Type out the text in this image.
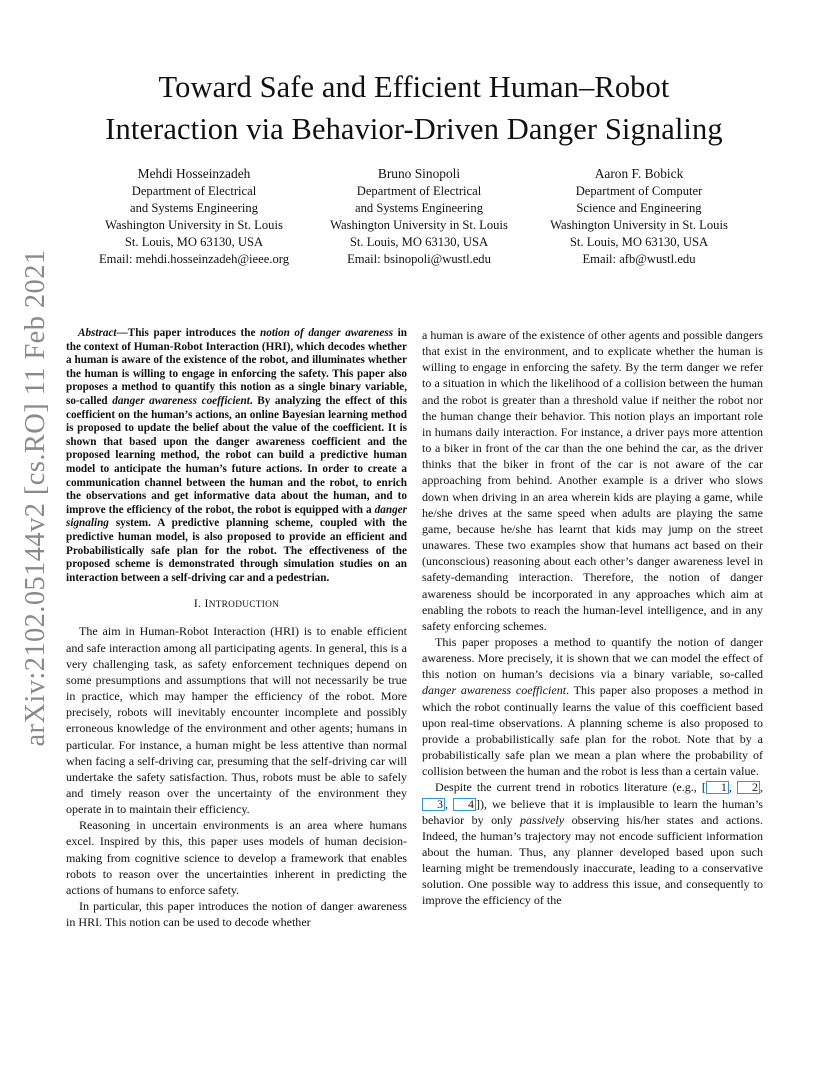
arXiv:2102.05144v2 [cs.RO] 11 Feb 2021
Toward Safe and Efficient Human–Robot
Interaction via Behavior-Driven Danger Signaling
Mehdi Hosseinzadeh
Department of Electrical
and Systems Engineering
Washington University in St. Louis
St. Louis, MO 63130, USA
Email: mehdi.hosseinzadeh@ieee.org
Bruno Sinopoli
Department of Electrical
and Systems Engineering
Washington University in St. Louis
St. Louis, MO 63130, USA
Email: bsinopoli@wustl.edu
Aaron F. Bobick
Department of Computer
Science and Engineering
Washington University in St. Louis
St. Louis, MO 63130, USA
Email: afb@wustl.edu

Abstract—This paper introduces the notion of danger awareness in the context of Human-Robot Interaction (HRI), which decodes whether a human is aware of the existence of the robot, and illuminates whether the human is willing to engage in enforcing the safety. This paper also proposes a method to quantify this notion as a single binary variable, so-called danger awareness coefficient. By analyzing the effect of this coefficient on the human’s actions, an online Bayesian learning method is proposed to update the belief about the value of the coefficient. It is shown that based upon the danger awareness coefficient and the proposed learning method, the robot can build a predictive human model to anticipate the human’s future actions. In order to create a communication channel between the human and the robot, to enrich the observations and get informative data about the human, and to improve the efficiency of the robot, the robot is equipped with a danger signaling system. A predictive planning scheme, coupled with the predictive human model, is also proposed to provide an efficient and Probabilistically safe plan for the robot. The effectiveness of the proposed scheme is demonstrated through simulation studies on an interaction between a self-driving car and a pedestrian.

I. INTRODUCTION

The aim in Human-Robot Interaction (HRI) is to enable efficient and safe interaction among all participating agents. In general, this is a very challenging task, as safety enforcement techniques depend on some presumptions and assumptions that will not necessarily be true in practice, which may hamper the efficiency of the robot. More precisely, robots will inevitably encounter incomplete and possibly erroneous knowledge of the environment and other agents; humans in particular. For instance, a human might be less attentive than normal when facing a self-driving car, presuming that the self-driving car will undertake the safety satisfaction. Thus, robots must be able to safely and timely reason over the uncertainty of the environment they operate in to maintain their efficiency.

Reasoning in uncertain environments is an area where humans excel. Inspired by this, this paper uses models of human decision-making from cognitive science to develop a framework that enables robots to reason over the uncertainties inherent in predicting the actions of humans to enforce safety.

In particular, this paper introduces the notion of danger awareness in HRI. This notion can be used to decode whether

a human is aware of the existence of other agents and possible dangers that exist in the environment, and to explicate whether the human is willing to engage in enforcing the safety. By the term danger we refer to a situation in which the likelihood of a collision between the human and the robot is greater than a threshold value if neither the robot nor the human change their behavior. This notion plays an important role in humans daily interaction. For instance, a driver pays more attention to a biker in front of the car than the one behind the car, as the driver thinks that the biker in front of the car is not aware of the car approaching from behind. Another example is a driver who slows down when driving in an area wherein kids are playing a game, while he/she drives at the same speed when adults are playing the same game, because he/she has learnt that kids may jump on the street unawares. These two examples show that humans act based on their (unconscious) reasoning about each other’s danger awareness level in safety-demanding interaction. Therefore, the notion of danger awareness should be incorporated in any approaches which aim at enabling the robots to reach the human-level intelligence, and in any safety enforcing schemes.

This paper proposes a method to quantify the notion of danger awareness. More precisely, it is shown that we can model the effect of this notion on human’s decisions via a binary variable, so-called danger awareness coefficient. This paper also proposes a method in which the robot continually learns the value of this coefficient based upon real-time observations. A planning scheme is also proposed to provide a probabilistically safe plan for the robot. Note that by a probabilistically safe plan we mean a plan where the probability of collision between the human and the robot is less than a certain value.

Despite the current trend in robotics literature (e.g., [ 1 , 2 , 3 , 4 ]), we believe that it is implausible to learn the human’s behavior by only passively observing his/her states and actions. Indeed, the human’s trajectory may not encode sufficient information about the human. Thus, any planner developed based upon such learning might be tremendously inaccurate, leading to a conservative solution. One possible way to address this issue, and consequently to improve the efficiency of the
